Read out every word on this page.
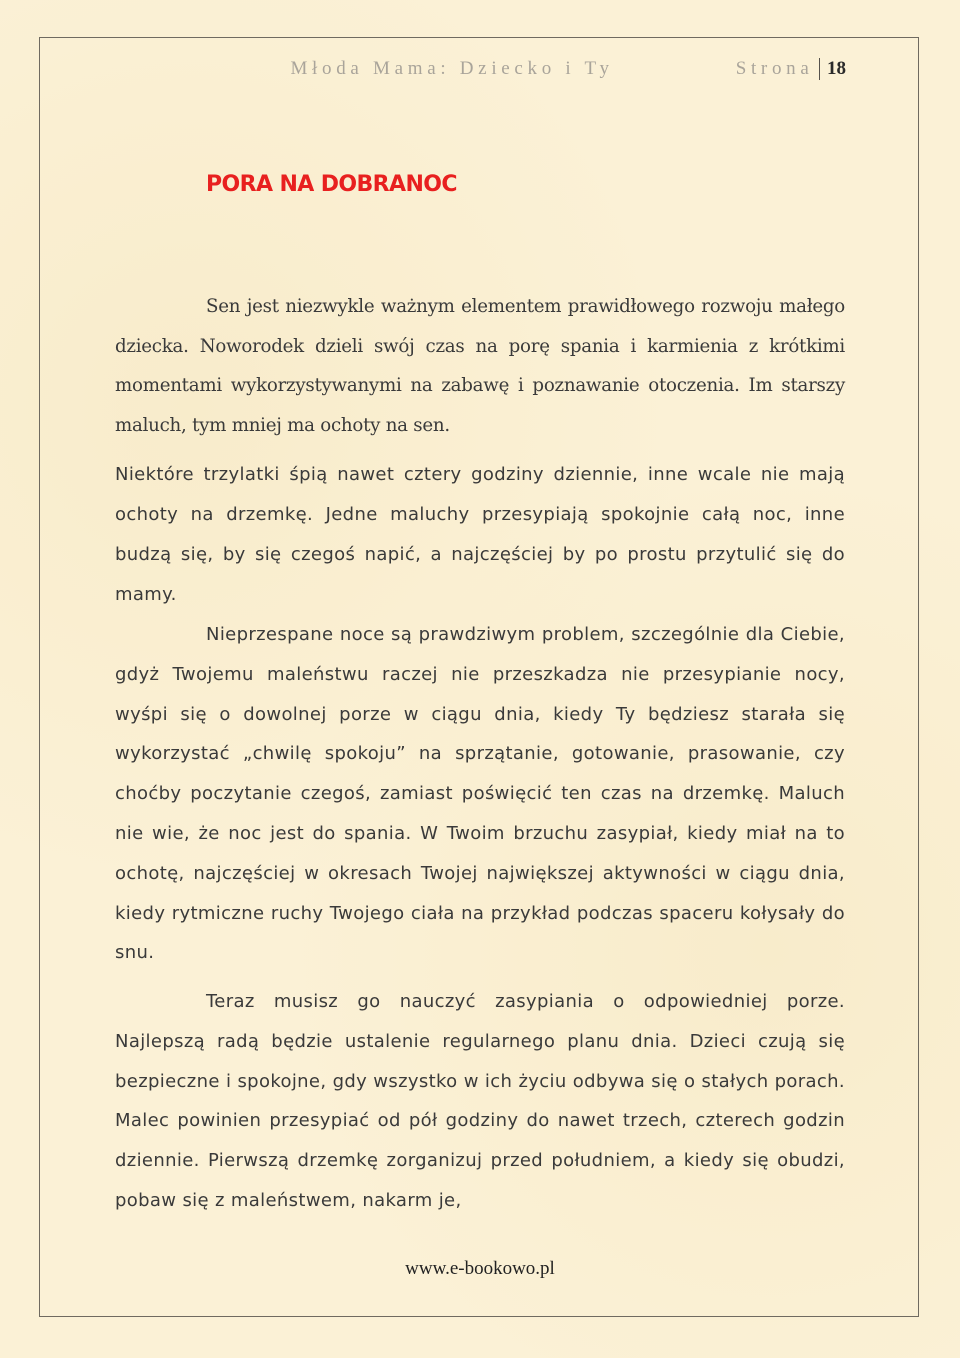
Młoda Mama: Dziecko i Ty	Strona 18
PORA NA DOBRANOC

Sen jest niezwykle ważnym elementem prawidłowego rozwoju małego dziecka. Noworodek dzieli swój czas na porę spania i karmienia z krótkimi momentami wykorzystywanymi na zabawę i poznawanie otoczenia. Im starszy maluch, tym mniej ma ochoty na sen.

Niektóre trzylatki śpią nawet cztery godziny dziennie, inne wcale nie mają ochoty na drzemkę. Jedne maluchy przesypiają spokojnie całą noc, inne budzą się, by się czegoś napić, a najczęściej by po prostu przytulić się do mamy.

Nieprzespane noce są prawdziwym problem, szczególnie dla Ciebie, gdyż Twojemu maleństwu raczej nie przeszkadza nie przesypianie nocy, wyśpi się o dowolnej porze w ciągu dnia, kiedy Ty będziesz starała się wykorzystać „chwilę spokoju” na sprzątanie, gotowanie, prasowanie, czy choćby poczytanie czegoś, zamiast poświęcić ten czas na drzemkę. Maluch nie wie, że noc jest do spania. W Twoim brzuchu zasypiał, kiedy miał na to ochotę, najczęściej w okresach Twojej największej aktywności w ciągu dnia, kiedy rytmiczne ruchy Twojego ciała na przykład podczas spaceru kołysały do snu.

Teraz musisz go nauczyć zasypiania o odpowiedniej porze. Najlepszą radą będzie ustalenie regularnego planu dnia. Dzieci czują się bezpieczne i spokojne, gdy wszystko w ich życiu odbywa się o stałych porach. Malec powinien przesypiać od pół godziny do nawet trzech, czterech godzin dziennie. Pierwszą drzemkę zorganizuj przed południem, a kiedy się obudzi, pobaw się z maleństwem, nakarm je,

www.e-bookowo.pl
